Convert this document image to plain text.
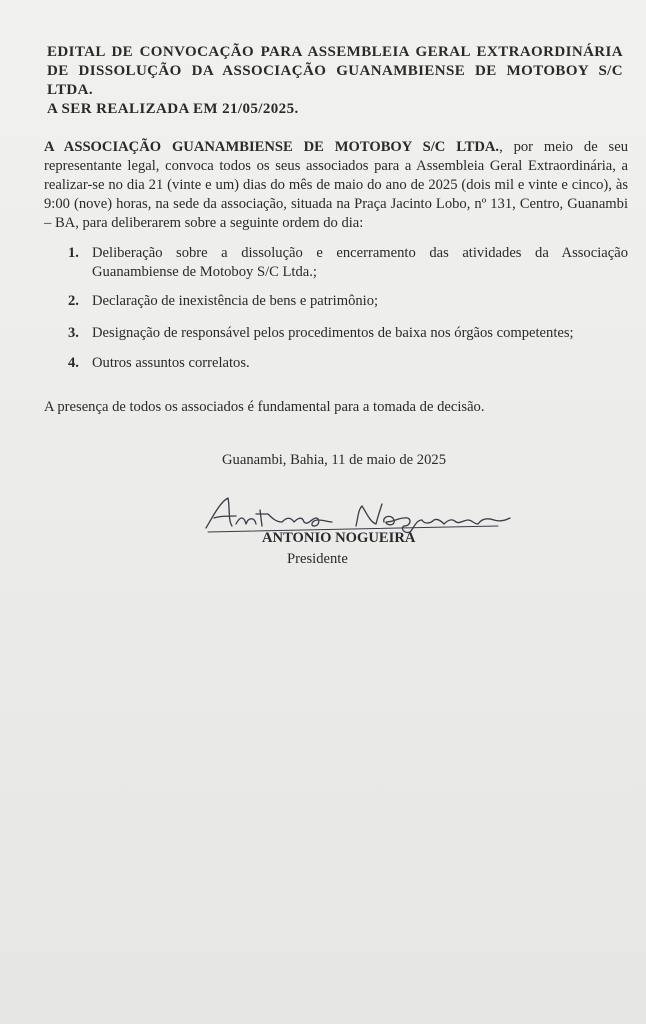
EDITAL DE CONVOCAÇÃO PARA ASSEMBLEIA GERAL EXTRAORDINÁRIA
DE DISSOLUÇÃO DA ASSOCIAÇÃO GUANAMBIENSE DE MOTOBOY S/C LTDA.
A SER REALIZADA EM 21/05/2025.
A ASSOCIAÇÃO GUANAMBIENSE DE MOTOBOY S/C LTDA., por meio de seu representante legal, convoca todos os seus associados para a Assembleia Geral Extraordinária, a realizar-se no dia 21 (vinte e um) dias do mês de maio do ano de 2025 (dois mil e vinte e cinco), às 9:00 (nove) horas, na sede da associação, situada na Praça Jacinto Lobo, nº 131, Centro, Guanambi – BA, para deliberarem sobre a seguinte ordem do dia:
1. Deliberação sobre a dissolução e encerramento das atividades da Associação Guanambiense de Motoboy S/C Ltda.;
2. Declaração de inexistência de bens e patrimônio;
3. Designação de responsável pelos procedimentos de baixa nos órgãos competentes;
4. Outros assuntos correlatos.
A presença de todos os associados é fundamental para a tomada de decisão.
Guanambi, Bahia, 11 de maio de 2025
ANTONIO NOGUEIRA
Presidente
